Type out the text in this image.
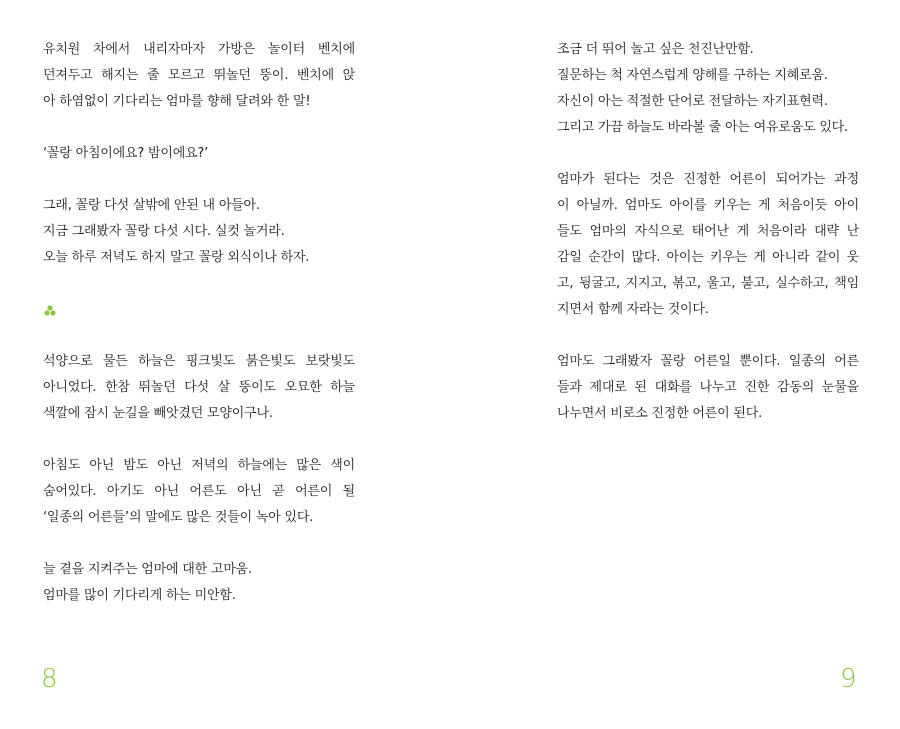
유치원 차에서 내리자마자 가방은 놀이터 벤치에
던져두고 해지는 줄 모르고 뛰놀던 뚱이. 벤치에 앉
아 하염없이 기다리는 엄마를 향해 달려와 한 말!
‘꼴랑 아침이에요? 밤이에요?’
그래, 꼴랑 다섯 살밖에 안된 내 아들아.
지금 그래봤자 꼴랑 다섯 시다. 실컷 놀거라.
오늘 하루 저녁도 하지 말고 꼴랑 외식이나 하자.
석양으로 물든 하늘은 핑크빛도 붉은빛도 보랏빛도
아니었다. 한참 뛰놀던 다섯 살 뚱이도 오묘한 하늘
색깔에 잠시 눈길을 빼앗겼던 모양이구나.
아침도 아닌 밤도 아닌 저녁의 하늘에는 많은 색이
숨어있다. 아기도 아닌 어른도 아닌 곧 어른이 될
‘일종의 어른들’의 말에도 많은 것들이 녹아 있다.
늘 곁을 지켜주는 엄마에 대한 고마움.
엄마를 많이 기다리게 하는 미안함.
조금 더 뛰어 놀고 싶은 천진난만함.
질문하는 척 자연스럽게 양해를 구하는 지혜로움.
자신이 아는 적절한 단어로 전달하는 자기표현력.
그리고 가끔 하늘도 바라볼 줄 아는 여유로움도 있다.
엄마가 된다는 것은 진정한 어른이 되어가는 과정
이 아닐까. 엄마도 아이를 키우는 게 처음이듯 아이
들도 엄마의 자식으로 태어난 게 처음이라 대략 난
감일 순간이 많다. 아이는 키우는 게 아니라 같이 웃
고, 뒹굴고, 지지고, 볶고, 울고, 불고, 실수하고, 책임
지면서 함께 자라는 것이다.
엄마도 그래봤자 꼴랑 어른일 뿐이다. 일종의 어른
들과 제대로 된 대화를 나누고 진한 감동의 눈물을
나누면서 비로소 진정한 어른이 된다.
8	9
